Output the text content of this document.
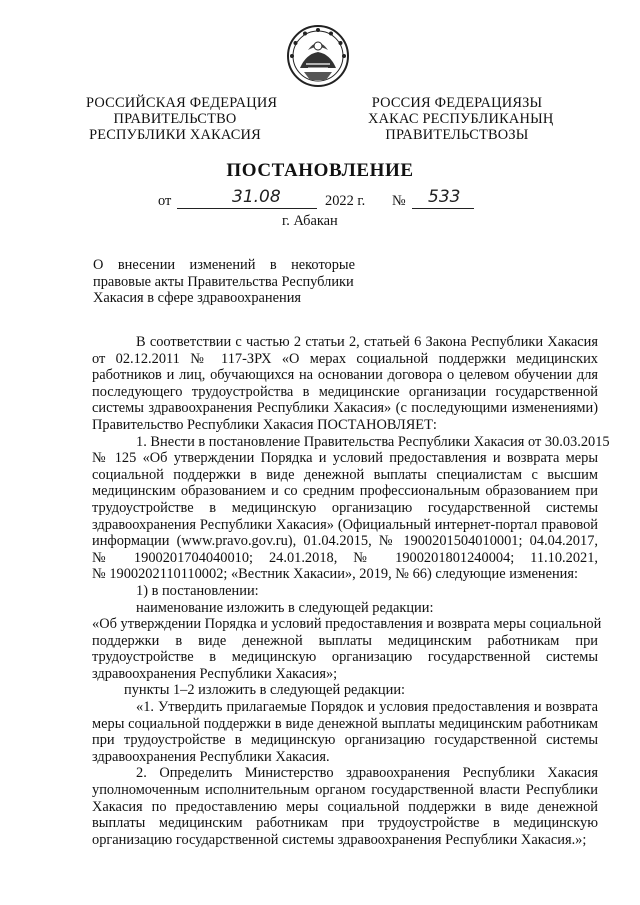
РОССИЙСКАЯ ФЕДЕРАЦИЯ
ПРАВИТЕЛЬСТВО
РЕСПУБЛИКИ ХАКАСИЯ
РОССИЯ ФЕДЕРАЦИЯЗЫ
ХАКАС РЕСПУБЛИКАНЫҢ
ПРАВИТЕЛЬСТВОЗЫ
ПОСТАНОВЛЕНИЕ
от	31.08	2022 г. № 533
г. Абакан
О внесении изменений в некоторые
правовые акты Правительства Республики
Хакасия в сфере здравоохранения
В соответствии с частью 2 статьи 2, статьей 6 Закона Республики Хакасия
от 02.12.2011 № 117-ЗРХ «О мерах социальной поддержки медицинских
работников и лиц, обучающихся на основании договора о целевом обучении для
последующего трудоустройства в медицинские организации государственной
системы здравоохранения Республики Хакасия» (с последующими изменениями)
Правительство Республики Хакасия ПОСТАНОВЛЯЕТ:
1. Внести в постановление Правительства Республики Хакасия от 30.03.2015
№ 125 «Об утверждении Порядка и условий предоставления и возврата меры
социальной поддержки в виде денежной выплаты специалистам с высшим
медицинским образованием и со средним профессиональным образованием при
трудоустройстве в медицинскую организацию государственной системы
здравоохранения Республики Хакасия» (Официальный интернет-портал правовой
информации (www.pravo.gov.ru), 01.04.2015, № 1900201504010001; 04.04.2017,
№ 1900201704040010; 24.01.2018, № 1900201801240004; 11.10.2021,
№ 1900202110110002; «Вестник Хакасии», 2019, № 66) следующие изменения:
1) в постановлении:
наименование изложить в следующей редакции:
«Об утверждении Порядка и условий предоставления и возврата меры социальной
поддержки в виде денежной выплаты медицинским работникам при
трудоустройстве в медицинскую организацию государственной системы
здравоохранения Республики Хакасия»;
пункты 1–2 изложить в следующей редакции:
«1. Утвердить прилагаемые Порядок и условия предоставления и возврата
меры социальной поддержки в виде денежной выплаты медицинским работникам
при трудоустройстве в медицинскую организацию государственной системы
здравоохранения Республики Хакасия.
2. Определить Министерство здравоохранения Республики Хакасия
уполномоченным исполнительным органом государственной власти Республики
Хакасия по предоставлению меры социальной поддержки в виде денежной
выплаты медицинским работникам при трудоустройстве в медицинскую
организацию государственной системы здравоохранения Республики Хакасия.»;
